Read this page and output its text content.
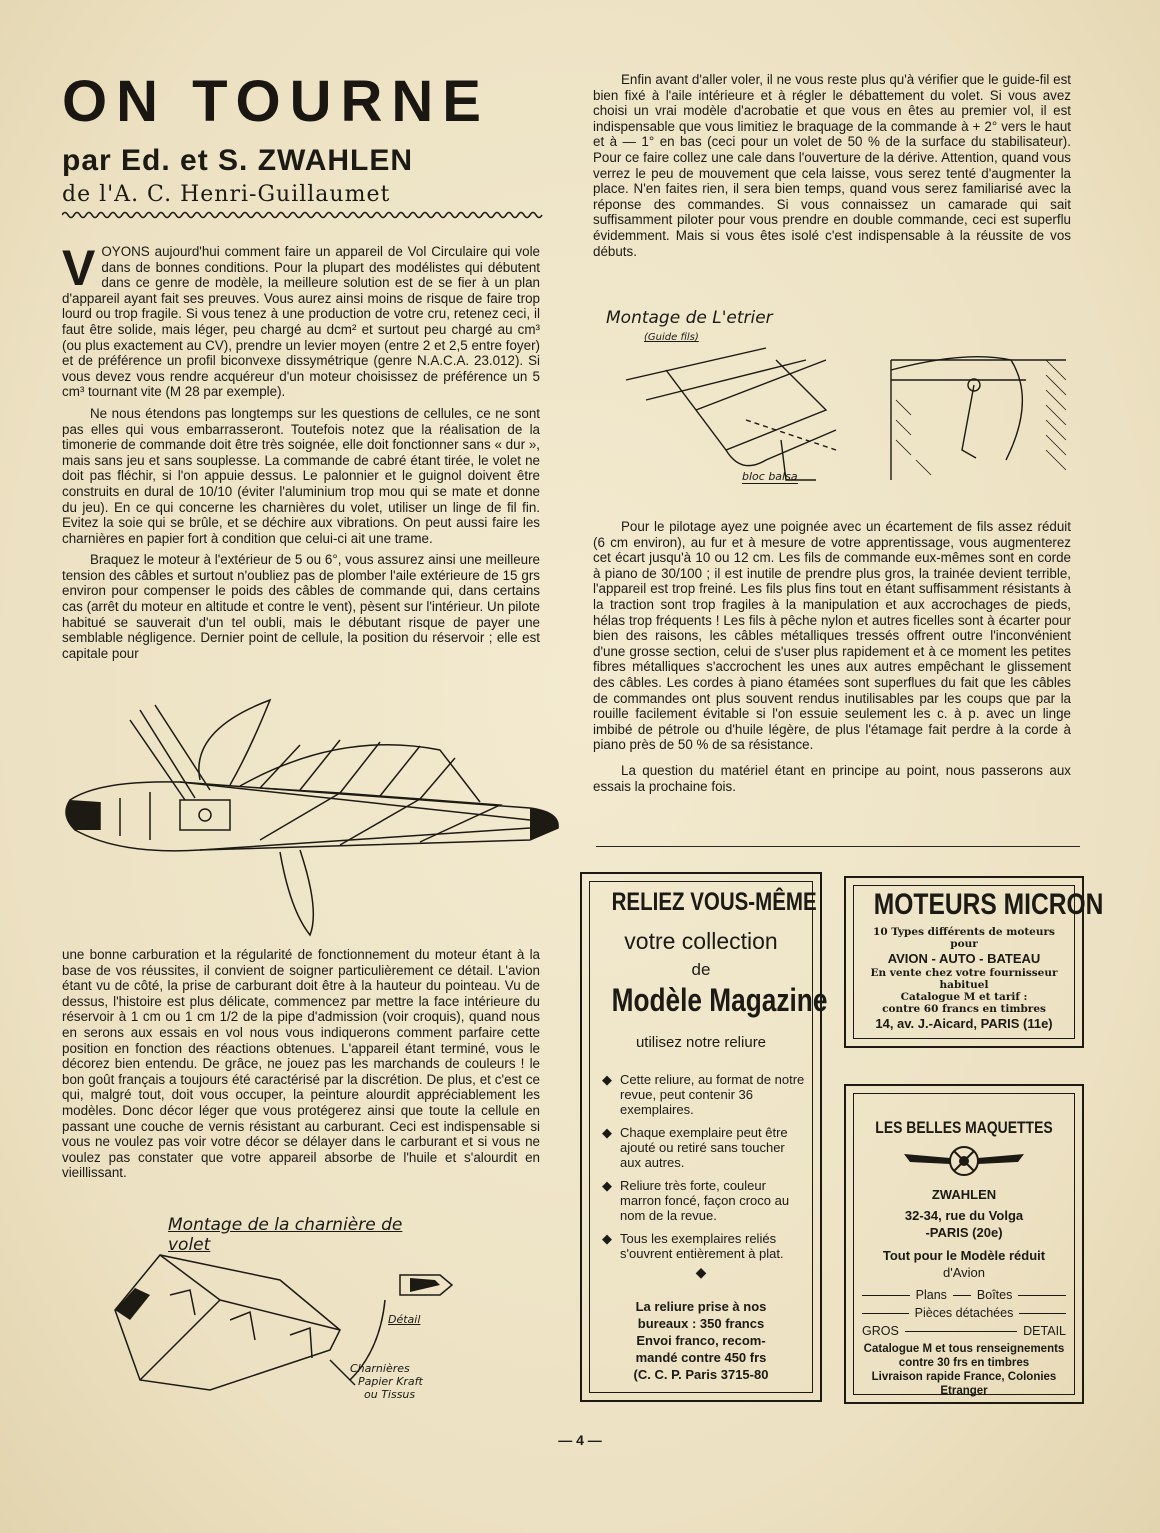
ON TOURNE
par Ed. et S. ZWAHLEN
de l'A. C. Henri-Guillaumet

VOYONS aujourd'hui comment faire un appareil de Vol Circulaire qui vole dans de bonnes conditions. Pour la plupart des modélistes qui débutent dans ce genre de modèle, la meilleure solution est de se fier à un plan d'appareil ayant fait ses preuves. Vous aurez ainsi moins de risque de faire trop lourd ou trop fragile. Si vous tenez à une production de votre cru, retenez ceci, il faut être solide, mais léger, peu chargé au dcm² et surtout peu chargé au cm³ (ou plus exactement au CV), prendre un levier moyen (entre 2 et 2,5 entre foyer) et de préférence un profil biconvexe dissymétrique (genre N.A.C.A. 23.012). Si vous devez vous rendre acquéreur d'un moteur choisissez de préférence un 5 cm³ tournant vite (M 28 par exemple).

Ne nous étendons pas longtemps sur les questions de cellules, ce ne sont pas elles qui vous embarrasseront. Toutefois notez que la réalisation de la timonerie de commande doit être très soignée, elle doit fonctionner sans « dur », mais sans jeu et sans souplesse. La commande de cabré étant tirée, le volet ne doit pas fléchir, si l'on appuie dessus. Le palonnier et le guignol doivent être construits en dural de 10/10 (éviter l'aluminium trop mou qui se mate et donne du jeu). En ce qui concerne les charnières du volet, utiliser un linge de fil fin. Evitez la soie qui se brûle, et se déchire aux vibrations. On peut aussi faire les charnières en papier fort à condition que celui-ci ait une trame.

Braquez le moteur à l'extérieur de 5 ou 6°, vous assurez ainsi une meilleure tension des câbles et surtout n'oubliez pas de plomber l'aile extérieure de 15 grs environ pour compenser le poids des câbles de commande qui, dans certains cas (arrêt du moteur en altitude et contre le vent), pèsent sur l'intérieur. Un pilote habitué se sauverait d'un tel oubli, mais le débutant risque de payer une semblable négligence. Dernier point de cellule, la position du réservoir ; elle est capitale pour

une bonne carburation et la régularité de fonctionnement du moteur étant à la base de vos réussites, il convient de soigner particulièrement ce détail. L'avion étant vu de côté, la prise de carburant doit être à la hauteur du pointeau. Vu de dessus, l'histoire est plus délicate, commencez par mettre la face intérieure du réservoir à 1 cm ou 1 cm 1/2 de la pipe d'admission (voir croquis), quand nous en serons aux essais en vol nous vous indiquerons comment parfaire cette position en fonction des réactions obtenues. L'appareil étant terminé, vous le décorez bien entendu. De grâce, ne jouez pas les marchands de couleurs ! le bon goût français a toujours été caractérisé par la discrétion. De plus, et c'est ce qui, malgré tout, doit vous occuper, la peinture alourdit appréciablement les modèles. Donc décor léger que vous protégerez ainsi que toute la cellule en passant une couche de vernis résistant au carburant. Ceci est indispensable si vous ne voulez pas voir votre décor se délayer dans le carburant et si vous ne voulez pas constater que votre appareil absorbe de l'huile et s'alourdit en vieillissant.

Montage de la charnière de volet
Détail
Charnières
Papier Kraft
ou Tissus

Enfin avant d'aller voler, il ne vous reste plus qu'à vérifier que le guide-fil est bien fixé à l'aile intérieure et à régler le débattement du volet. Si vous avez choisi un vrai modèle d'acrobatie et que vous en êtes au premier vol, il est indispensable que vous limitiez le braquage de la commande à + 2° vers le haut et à — 1° en bas (ceci pour un volet de 50 % de la surface du stabilisateur). Pour ce faire collez une cale dans l'ouverture de la dérive. Attention, quand vous verrez le peu de mouvement que cela laisse, vous serez tenté d'augmenter la place. N'en faites rien, il sera bien temps, quand vous serez familiarisé avec la réponse des commandes. Si vous connaissez un camarade qui sait suffisamment piloter pour vous prendre en double commande, ceci est superflu évidemment. Mais si vous êtes isolé c'est indispensable à la réussite de vos débuts.

Montage de L'etrier
(Guide fils)
bloc balsa

Pour le pilotage ayez une poignée avec un écartement de fils assez réduit (6 cm environ), au fur et à mesure de votre apprentissage, vous augmenterez cet écart jusqu'à 10 ou 12 cm. Les fils de commande eux-mêmes sont en corde à piano de 30/100 ; il est inutile de prendre plus gros, la trainée devient terrible, l'appareil est trop freiné. Les fils plus fins tout en étant suffisamment résistants à la traction sont trop fragiles à la manipulation et aux accrochages de pieds, hélas trop fréquents ! Les fils à pêche nylon et autres ficelles sont à écarter pour bien des raisons, les câbles métalliques tressés offrent outre l'inconvénient d'une grosse section, celui de s'user plus rapidement et à ce moment les petites fibres métalliques s'accrochent les unes aux autres empêchant le glissement des câbles. Les cordes à piano étamées sont superflues du fait que les câbles de commandes ont plus souvent rendus inutilisables par les coups que par la rouille facilement évitable si l'on essuie seulement les c. à p. avec un linge imbibé de pétrole ou d'huile légère, de plus l'étamage fait perdre à la corde à piano près de 50 % de sa résistance.

La question du matériel étant en principe au point, nous passerons aux essais la prochaine fois.

RELIEZ VOUS-MÊME
votre collection
de
Modèle Magazine
utilisez notre reliure
◆ Cette reliure, au format de notre revue, peut contenir 36 exemplaires.
◆ Chaque exemplaire peut être ajouté ou retiré sans toucher aux autres.
◆ Reliure très forte, couleur marron foncé, façon croco au nom de la revue.
◆ Tous les exemplaires reliés s'ouvrent entièrement à plat.
◆
La reliure prise à nos
bureaux : 350 francs
Envoi franco, recom-
mandé contre 450 frs
(C. C. P. Paris 3715-80
MOTEURS MICRON
10 Types différents de moteurs
pour
AVION - AUTO - BATEAU
En vente chez votre fournisseur
habituel
Catalogue M et tarif :
contre 60 francs en timbres
14, av. J.-Aicard, PARIS (11e)
LES BELLES MAQUETTES
ZWAHLEN
32-34, rue du Volga
-PARIS (20e)
Tout pour le Modèle réduit
d'Avion
Plans Boîtes
Pièces détachées
GROS	DETAIL
Catalogue M et tous renseignements contre 30 frs en timbres
Livraison rapide France, Colonies
Etranger
— 4 —
